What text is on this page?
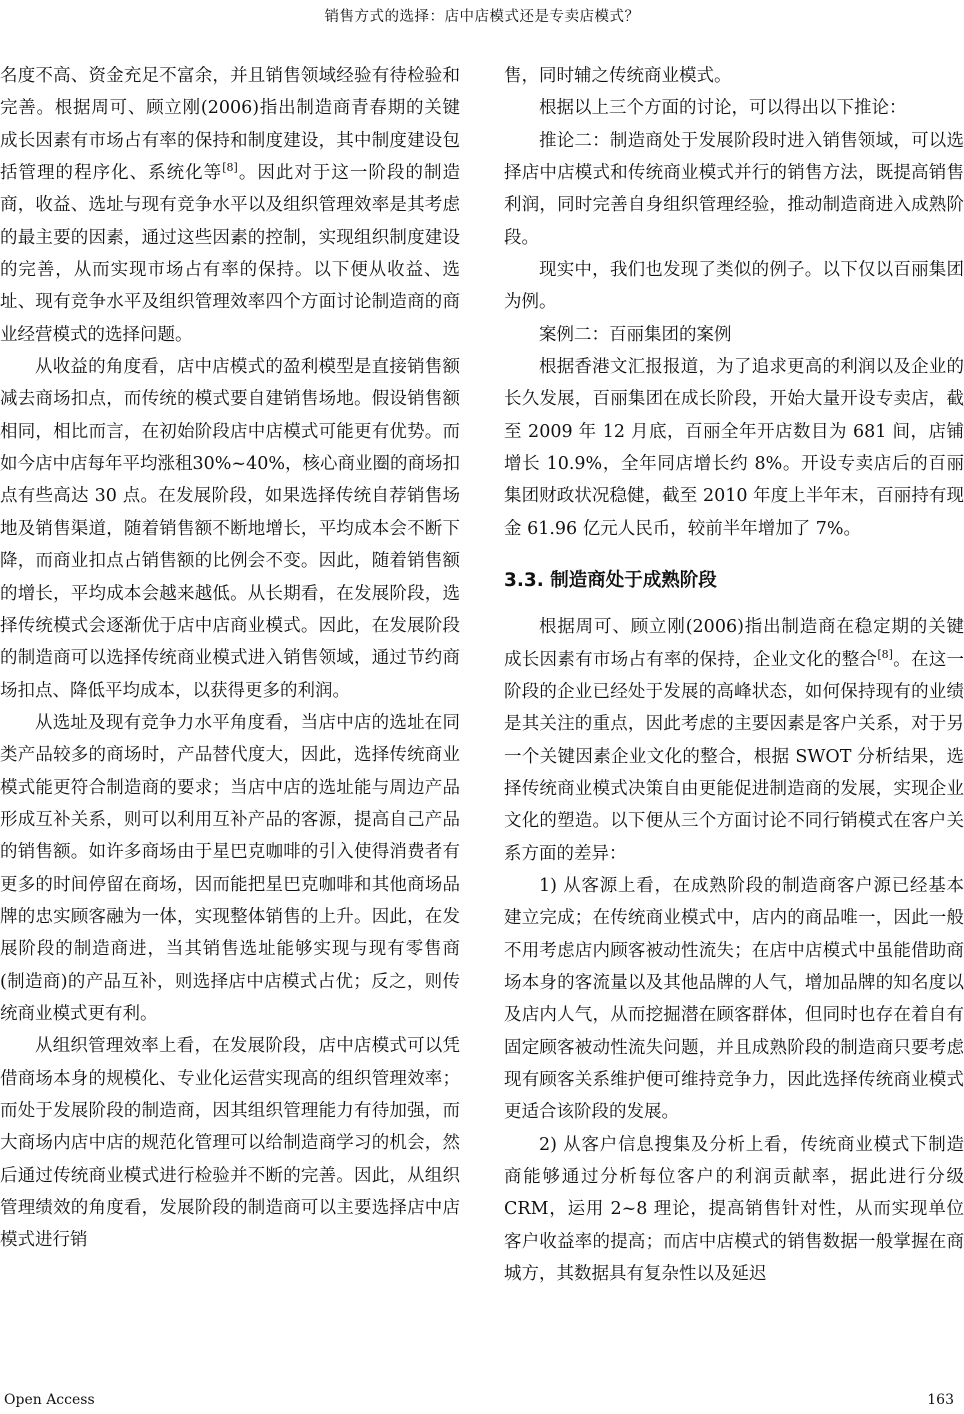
销售方式的选择：店中店模式还是专卖店模式？

名度不高、资金充足不富余，并且销售领域经验有待检验和完善。根据周可、顾立刚(2006)指出制造商青春期的关键成长因素有市场占有率的保持和制度建设，其中制度建设包括管理的程序化、系统化等[8]。因此对于这一阶段的制造商，收益、选址与现有竞争水平以及组织管理效率是其考虑的最主要的因素，通过这些因素的控制，实现组织制度建设的完善，从而实现市场占有率的保持。以下便从收益、选址、现有竞争水平及组织管理效率四个方面讨论制造商的商业经营模式的选择问题。

从收益的角度看，店中店模式的盈利模型是直接销售额减去商场扣点，而传统的模式要自建销售场地。假设销售额相同，相比而言，在初始阶段店中店模式可能更有优势。而如今店中店每年平均涨租30%~40%，核心商业圈的商场扣点有些高达 30 点。在发展阶段，如果选择传统自荐销售场地及销售渠道，随着销售额不断地增长，平均成本会不断下降，而商业扣点占销售额的比例会不变。因此，随着销售额的增长，平均成本会越来越低。从长期看，在发展阶段，选择传统模式会逐渐优于店中店商业模式。因此，在发展阶段的制造商可以选择传统商业模式进入销售领域，通过节约商场扣点、降低平均成本，以获得更多的利润。

从选址及现有竞争力水平角度看，当店中店的选址在同类产品较多的商场时，产品替代度大，因此，选择传统商业模式能更符合制造商的要求；当店中店的选址能与周边产品形成互补关系，则可以利用互补产品的客源，提高自己产品的销售额。如许多商场由于星巴克咖啡的引入使得消费者有更多的时间停留在商场，因而能把星巴克咖啡和其他商场品牌的忠实顾客融为一体，实现整体销售的上升。因此，在发展阶段的制造商进，当其销售选址能够实现与现有零售商(制造商)的产品互补，则选择店中店模式占优；反之，则传统商业模式更有利。

从组织管理效率上看，在发展阶段，店中店模式可以凭借商场本身的规模化、专业化运营实现高的组织管理效率；而处于发展阶段的制造商，因其组织管理能力有待加强，而大商场内店中店的规范化管理可以给制造商学习的机会，然后通过传统商业模式进行检验并不断的完善。因此，从组织管理绩效的角度看，发展阶段的制造商可以主要选择店中店模式进行销

售，同时辅之传统商业模式。

根据以上三个方面的讨论，可以得出以下推论：

推论二：制造商处于发展阶段时进入销售领域，可以选择店中店模式和传统商业模式并行的销售方法，既提高销售利润，同时完善自身组织管理经验，推动制造商进入成熟阶段。

现实中，我们也发现了类似的例子。以下仅以百丽集团为例。

案例二：百丽集团的案例

根据香港文汇报报道，为了追求更高的利润以及企业的长久发展，百丽集团在成长阶段，开始大量开设专卖店，截至 2009 年 12 月底，百丽全年开店数目为 681 间，店铺增长 10.9%，全年同店增长约 8%。开设专卖店后的百丽集团财政状况稳健，截至 2010 年度上半年末，百丽持有现金 61.96 亿元人民币，较前半年增加了 7%。

3.3. 制造商处于成熟阶段

根据周可、顾立刚(2006)指出制造商在稳定期的关键成长因素有市场占有率的保持，企业文化的整合[8]。在这一阶段的企业已经处于发展的高峰状态，如何保持现有的业绩是其关注的重点，因此考虑的主要因素是客户关系，对于另一个关键因素企业文化的整合，根据 SWOT 分析结果，选择传统商业模式决策自由更能促进制造商的发展，实现企业文化的塑造。以下便从三个方面讨论不同行销模式在客户关系方面的差异：

1) 从客源上看，在成熟阶段的制造商客户源已经基本建立完成；在传统商业模式中，店内的商品唯一，因此一般不用考虑店内顾客被动性流失；在店中店模式中虽能借助商场本身的客流量以及其他品牌的人气，增加品牌的知名度以及店内人气，从而挖掘潜在顾客群体，但同时也存在着自有固定顾客被动性流失问题，并且成熟阶段的制造商只要考虑现有顾客关系维护便可维持竞争力，因此选择传统商业模式更适合该阶段的发展。

2) 从客户信息搜集及分析上看，传统商业模式下制造商能够通过分析每位客户的利润贡献率，据此进行分级 CRM，运用 2~8 理论，提高销售针对性，从而实现单位客户收益率的提高；而店中店模式的销售数据一般掌握在商城方，其数据具有复杂性以及延迟

Open Access	163
